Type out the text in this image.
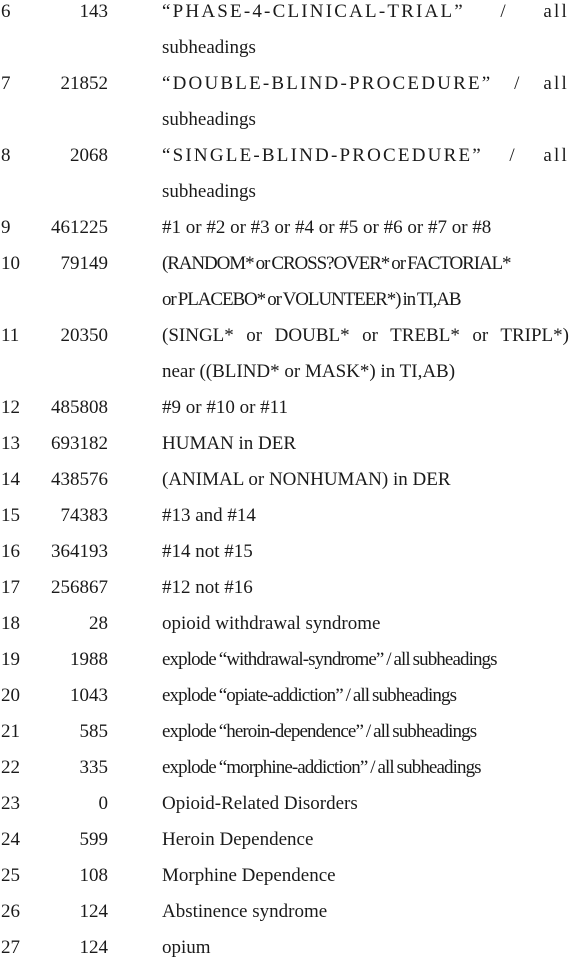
6	143	“PHASE-4-CLINICAL-TRIAL” / all
subheadings
7	21852	“DOUBLE-BLIND-PROCEDURE” / all
subheadings
8	2068	“SINGLE-BLIND-PROCEDURE” / all
subheadings
9 461225	#1 or #2 or #3 or #4 or #5 or #6 or #7 or #8
10 79149	(RANDOM* or CROSS?OVER* or FACTORIAL*
or PLACEBO* or VOLUNTEER*) in TI,AB
11 20350	(SINGL* or DOUBL* or TREBL* or TRIPL*)
near ((BLIND* or MASK*) in TI,AB)
12 485808	#9 or #10 or #11
13 693182	HUMAN in DER
14 438576	(ANIMAL or NONHUMAN) in DER
15 74383	#13 and #14
16 364193	#14 not #15
17 256867	#12 not #16
18	28	opioid withdrawal syndrome
19	1988	explode “withdrawal-syndrome” / all subheadings
20	1043	explode “opiate-addiction” / all subheadings
21	585	explode “heroin-dependence” / all subheadings
22	335	explode “morphine-addiction” / all subheadings
23	0	Opioid-Related Disorders
24	599	Heroin Dependence
25	108	Morphine Dependence
26	124	Abstinence syndrome
27	124	opium
